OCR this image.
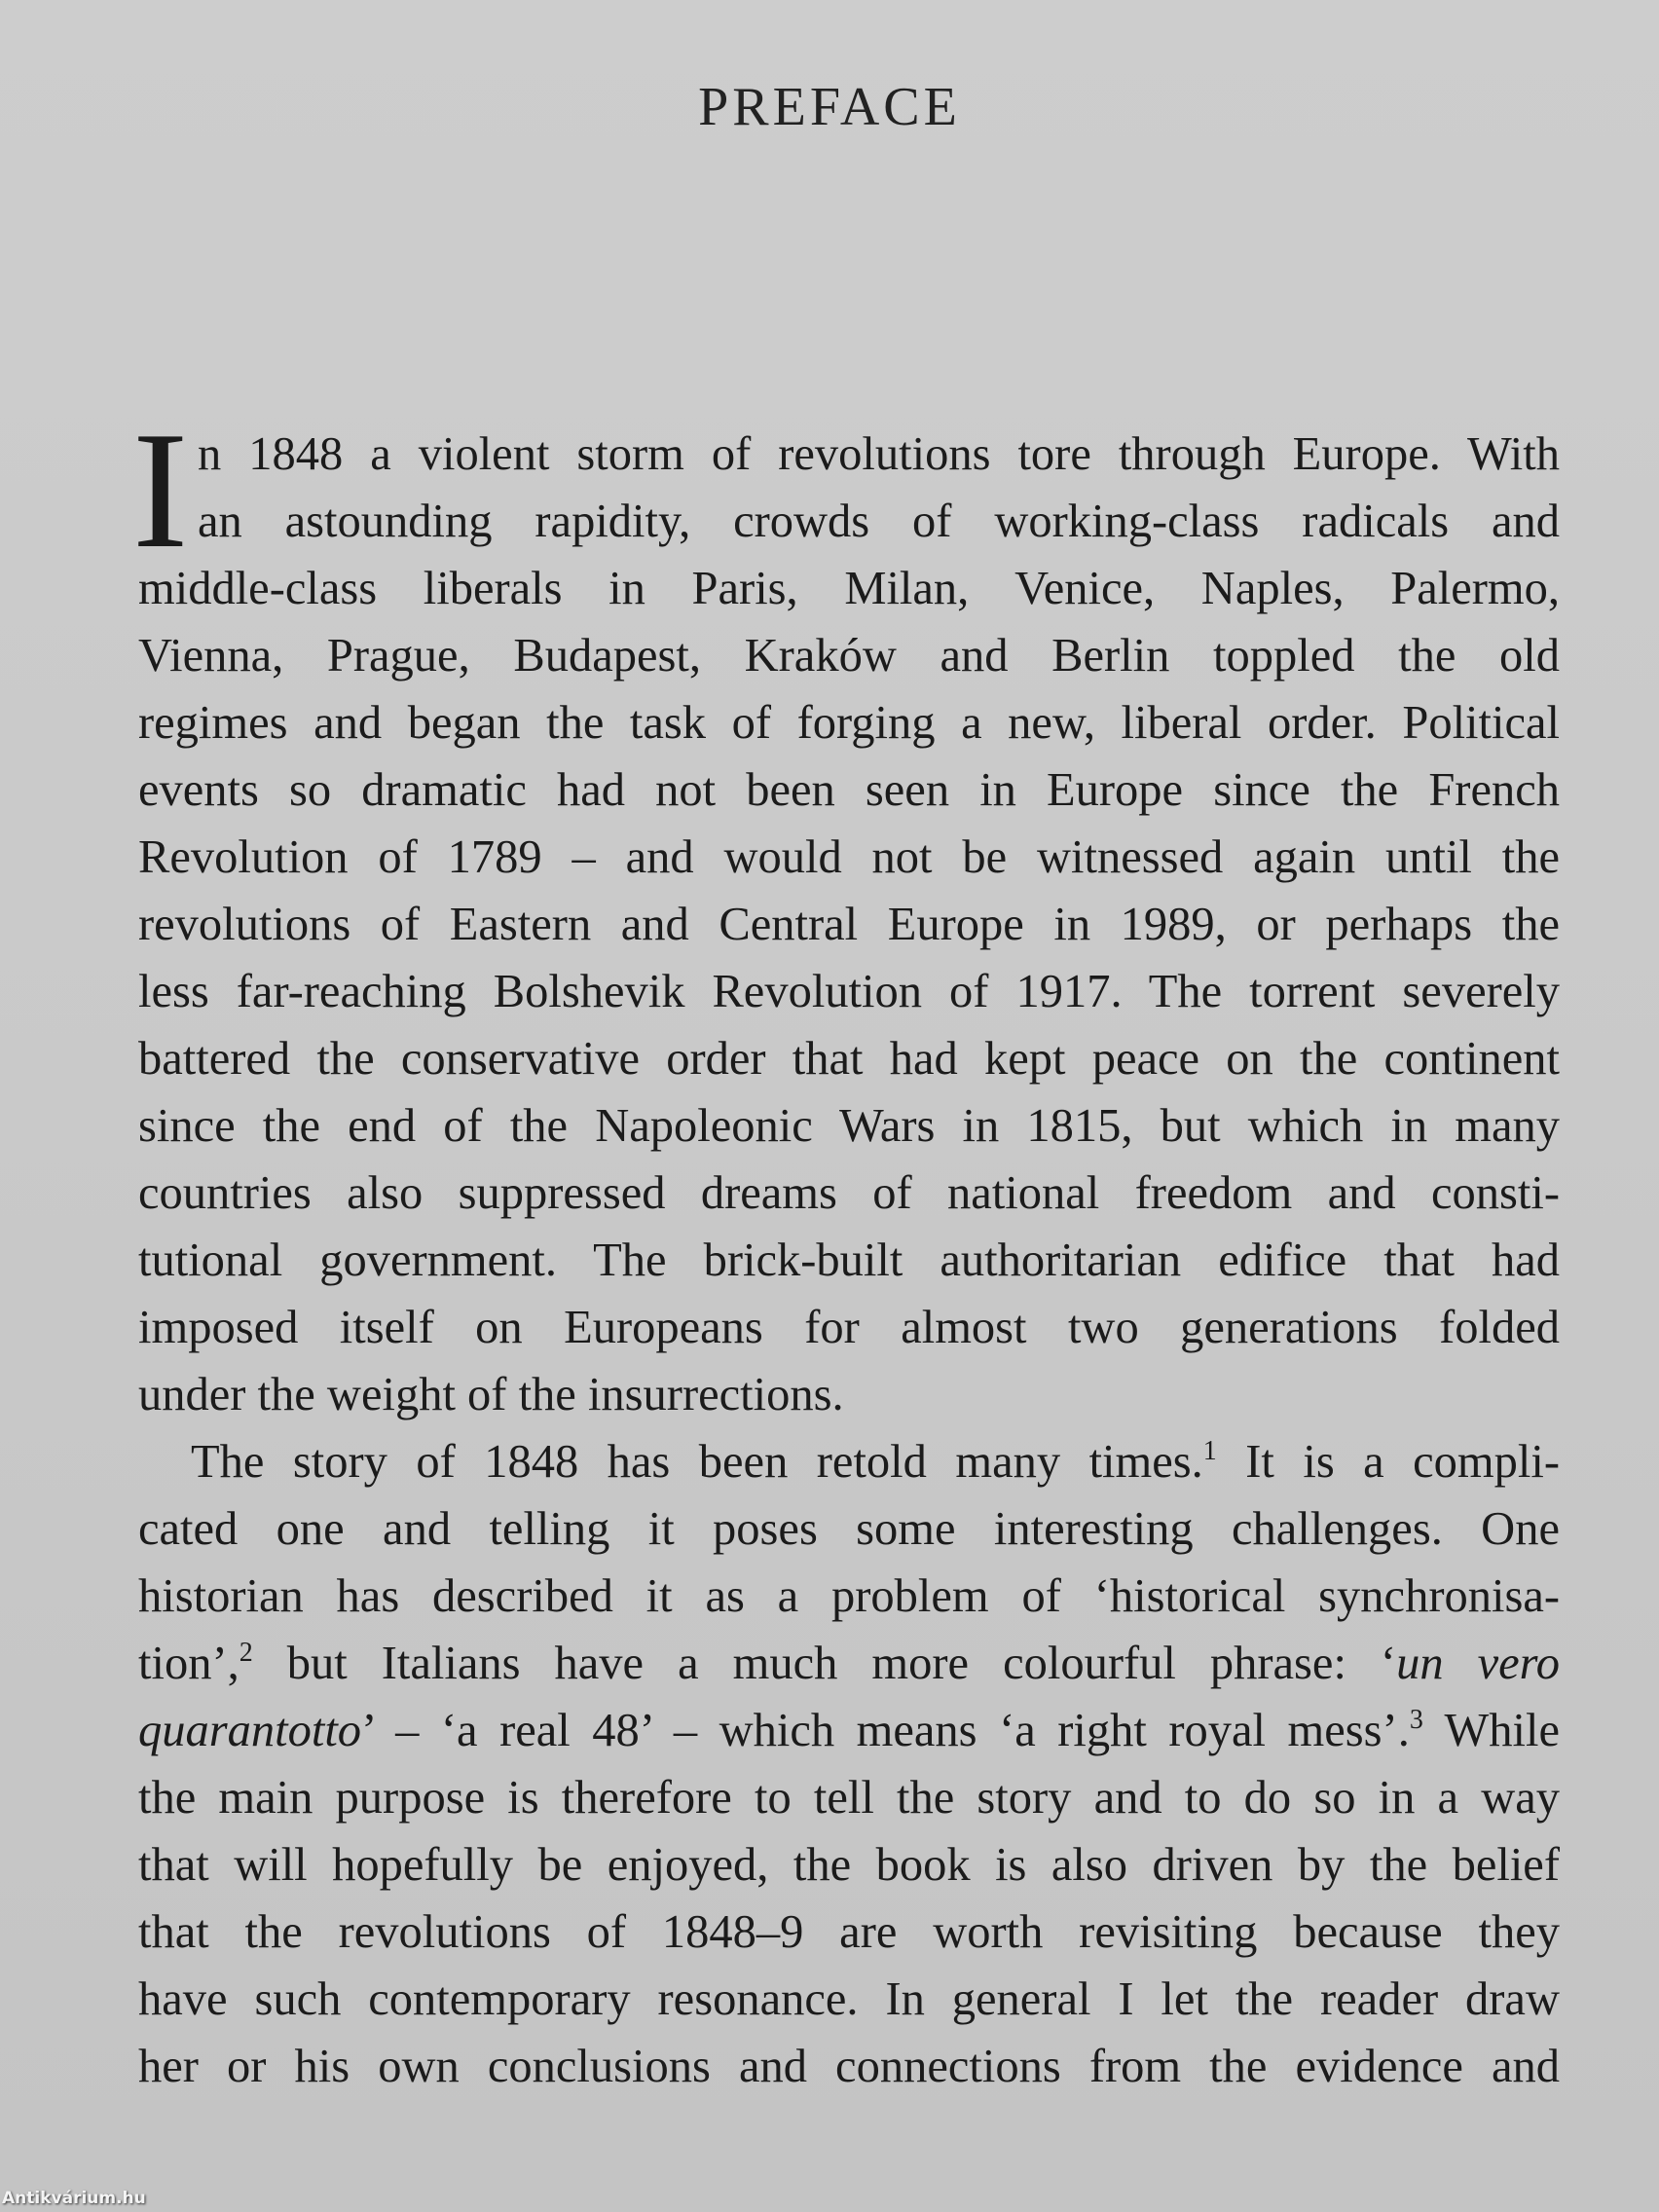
PREFACE
I n 1848 a violent storm of revolutions tore through Europe. With
an astounding rapidity, crowds of working-class radicals and
middle-class liberals in Paris, Milan, Venice, Naples, Palermo,
Vienna, Prague, Budapest, Kraków and Berlin toppled the old
regimes and began the task of forging a new, liberal order. Political
events so dramatic had not been seen in Europe since the French
Revolution of 1789 – and would not be witnessed again until the
revolutions of Eastern and Central Europe in 1989, or perhaps the
less far-reaching Bolshevik Revolution of 1917. The torrent severely
battered the conservative order that had kept peace on the continent
since the end of the Napoleonic Wars in 1815, but which in many
countries also suppressed dreams of national freedom and consti-
tutional government. The brick-built authoritarian edifice that had
imposed itself on Europeans for almost two generations folded
under the weight of the insurrections.
The story of 1848 has been retold many times.$^1$ It is a compli-
cated one and telling it poses some interesting challenges. One
historian has described it as a problem of ‘historical synchronisa-
tion’,$^2$ but Italians have a much more colourful phrase: ‘un vero
quarantotto’ – ‘a real 48’ – which means ‘a right royal mess’.$^3$ While
the main purpose is therefore to tell the story and to do so in a way
that will hopefully be enjoyed, the book is also driven by the belief
that the revolutions of 1848–9 are worth revisiting because they
have such contemporary resonance. In general I let the reader draw
her or his own conclusions and connections from the evidence and
Antikvárium.hu
